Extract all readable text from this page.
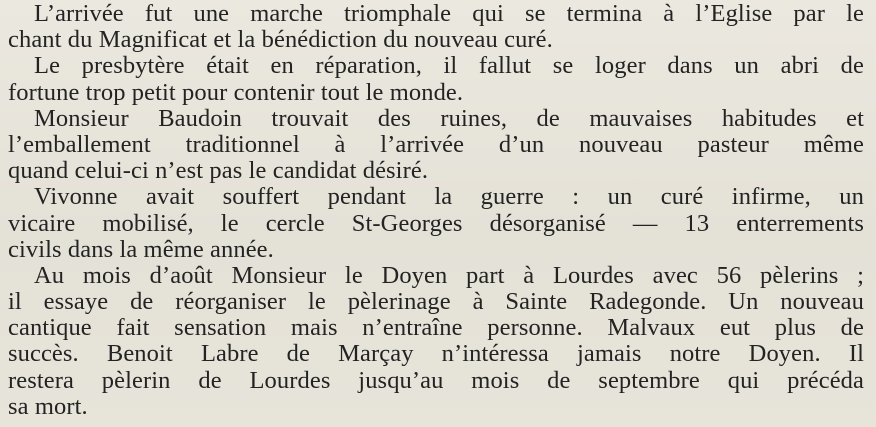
L’arrivée fut une marche triomphale qui se termina à l’Eglise par le
chant du Magnificat et la bénédiction du nouveau curé.
Le presbytère était en réparation, il fallut se loger dans un abri de
fortune trop petit pour contenir tout le monde.
Monsieur Baudoin trouvait des ruines, de mauvaises habitudes et
l’emballement traditionnel à l’arrivée d’un nouveau pasteur même
quand celui-ci n’est pas le candidat désiré.
Vivonne avait souffert pendant la guerre : un curé infirme, un
vicaire mobilisé, le cercle St-Georges désorganisé — 13 enterrements
civils dans la même année.
Au mois d’août Monsieur le Doyen part à Lourdes avec 56 pèlerins ;
il essaye de réorganiser le pèlerinage à Sainte Radegonde. Un nouveau
cantique fait sensation mais n’entraîne personne. Malvaux eut plus de
succès. Benoit Labre de Marçay n’intéressa jamais notre Doyen. Il
restera pèlerin de Lourdes jusqu’au mois de septembre qui précéda
sa mort.
